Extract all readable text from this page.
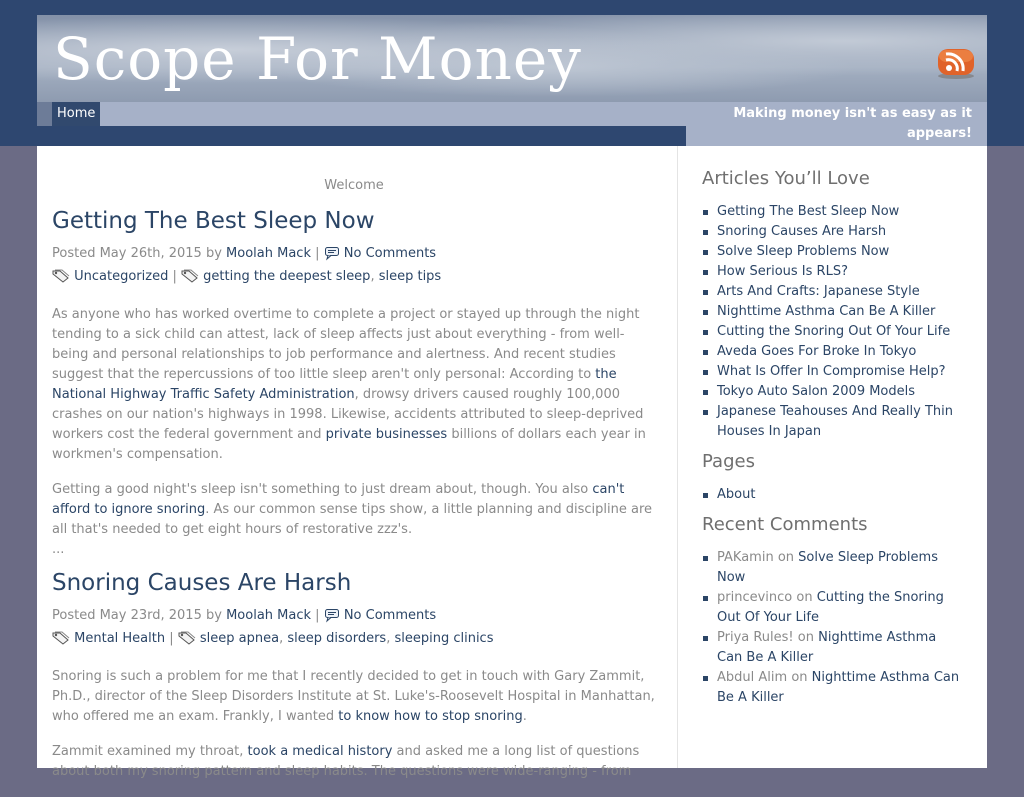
Scope For Money
Home	Making money isn't as easy as it appears!
Welcome
Getting The Best Sleep Now
Posted May 26th, 2015 by Moolah Mack | No Comments
Uncategorized | getting the deepest sleep, sleep tips

As anyone who has worked overtime to complete a project or stayed up through the night tending to a sick child can attest, lack of sleep affects just about everything - from well-being and personal relationships to job performance and alertness. And recent studies suggest that the repercussions of too little sleep aren't only personal: According to the National Highway Traffic Safety Administration, drowsy drivers caused roughly 100,000 crashes on our nation's highways in 1998. Likewise, accidents attributed to sleep-deprived workers cost the federal government and private businesses billions of dollars each year in workmen's compensation.

Getting a good night's sleep isn't something to just dream about, though. You also can't afford to ignore snoring. As our common sense tips show, a little planning and discipline are all that's needed to get eight hours of restorative zzz's.

...
Snoring Causes Are Harsh
Posted May 23rd, 2015 by Moolah Mack | No Comments
Mental Health | sleep apnea, sleep disorders, sleeping clinics

Snoring is such a problem for me that I recently decided to get in touch with Gary Zammit, Ph.D., director of the Sleep Disorders Institute at St. Luke's-Roosevelt Hospital in Manhattan, who offered me an exam. Frankly, I wanted to know how to stop snoring.

Zammit examined my throat, took a medical history and asked me a long list of questions about both my snoring pattern and sleep habits. The questions were wide-ranging - from

Articles You’ll Love
Getting The Best Sleep Now
Snoring Causes Are Harsh
Solve Sleep Problems Now
How Serious Is RLS?
Arts And Crafts: Japanese Style
Nighttime Asthma Can Be A Killer
Cutting the Snoring Out Of Your Life
Aveda Goes For Broke In Tokyo
What Is Offer In Compromise Help?
Tokyo Auto Salon 2009 Models
Japanese Teahouses And Really Thin Houses In Japan
Pages
About
Recent Comments
PAKamin on Solve Sleep Problems Now
princevinco on Cutting the Snoring Out Of Your Life
Priya Rules! on Nighttime Asthma Can Be A Killer
Abdul Alim on Nighttime Asthma Can Be A Killer
